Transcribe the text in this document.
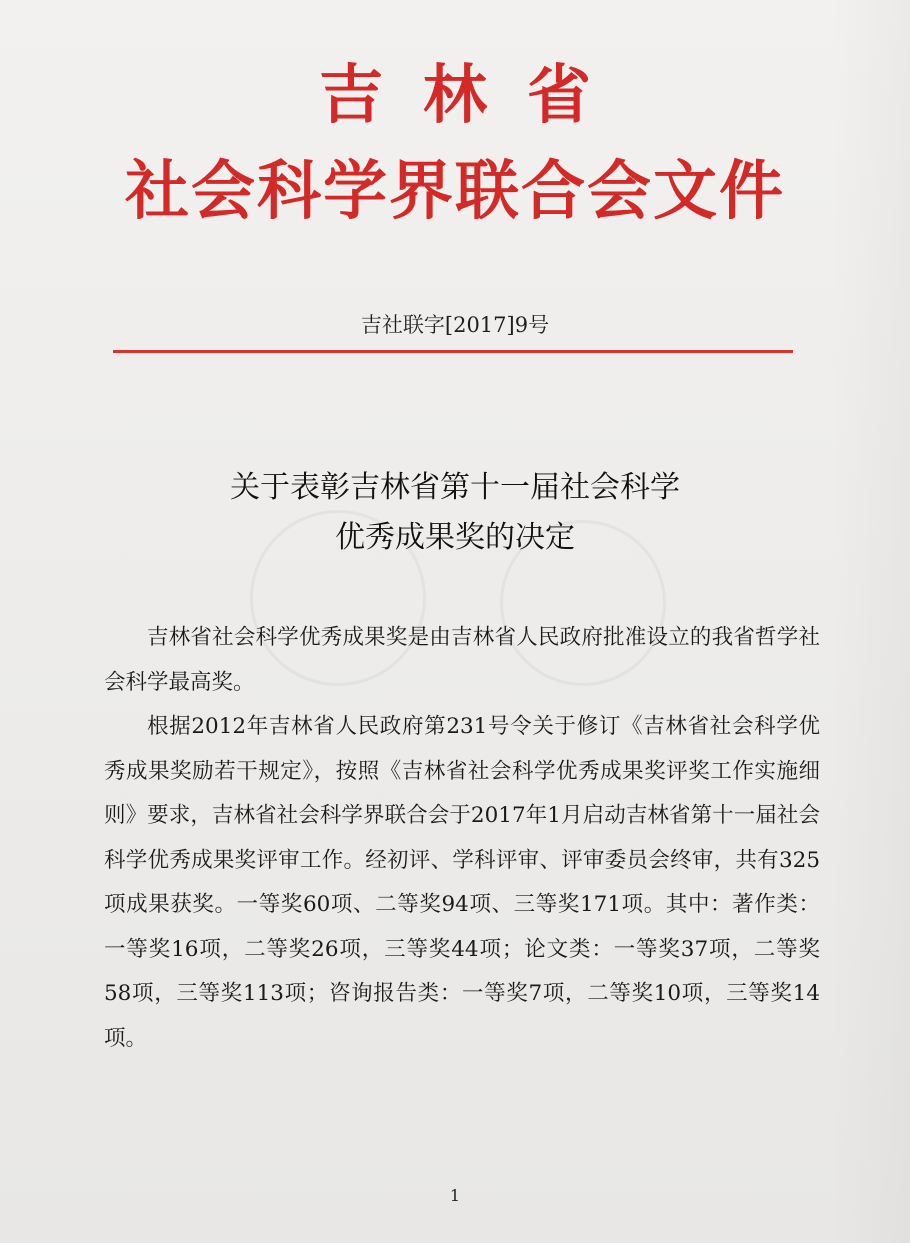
吉林省
社会科学界联合会文件
吉社联字[2017]9号
关于表彰吉林省第十一届社会科学
优秀成果奖的决定

吉林省社会科学优秀成果奖是由吉林省人民政府批准设立的我省哲学社会科学最高奖。

根据2012年吉林省人民政府第231号令关于修订《吉林省社会科学优秀成果奖励若干规定》，按照《吉林省社会科学优秀成果奖评奖工作实施细则》要求，吉林省社会科学界联合会于2017年1月启动吉林省第十一届社会科学优秀成果奖评审工作。经初评、学科评审、评审委员会终审，共有325项成果获奖。一等奖60项、二等奖94项、三等奖171项。其中：著作类：一等奖16项，二等奖26项，三等奖44项；论文类：一等奖37项，二等奖58项，三等奖113项；咨询报告类：一等奖7项，二等奖10项，三等奖14项。

1
